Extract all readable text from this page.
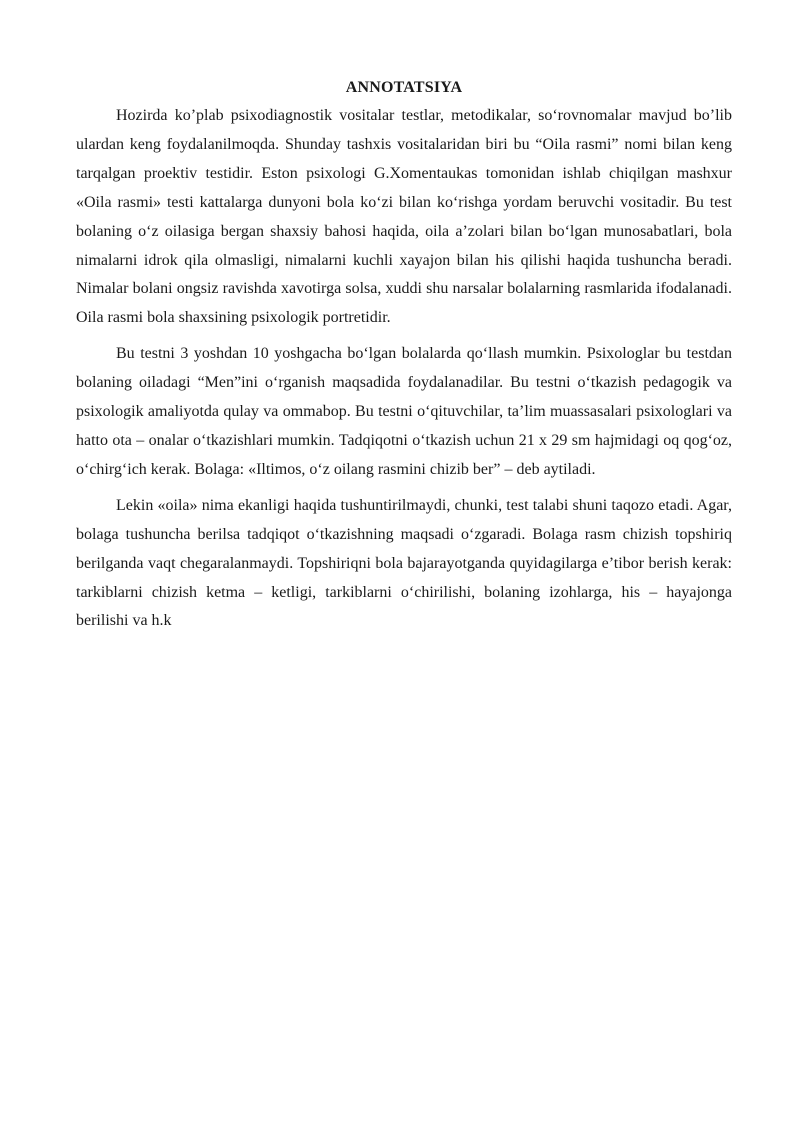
ANNOTATSIYA

Hozirda ko’plab psixodiagnostik vositalar testlar, metodikalar, so‘rovnomalar mavjud bo’lib ulardan keng foydalanilmoqda. Shunday tashxis vositalaridan biri bu “Oila rasmi” nomi bilan keng tarqalgan proektiv testidir. Eston psixologi G.Xomentaukas tomonidan ishlab chiqilgan mashxur «Oila rasmi» testi kattalarga dunyoni bola ko‘zi bilan ko‘rishga yordam beruvchi vositadir. Bu test bolaning o‘z oilasiga bergan shaxsiy bahosi haqida, oila a’zolari bilan bo‘lgan munosabatlari, bola nimalarni idrok qila olmasligi, nimalarni kuchli xayajon bilan his qilishi haqida tushuncha beradi. Nimalar bolani ongsiz ravishda xavotirga solsa, xuddi shu narsalar bolalarning rasmlarida ifodalanadi. Oila rasmi bola shaxsining psixologik portretidir.

Bu testni 3 yoshdan 10 yoshgacha bo‘lgan bolalarda qo‘llash mumkin. Psixologlar bu testdan bolaning oiladagi “Men”ini o‘rganish maqsadida foydalanadilar. Bu testni o‘tkazish pedagogik va psixologik amaliyotda qulay va ommabop. Bu testni o‘qituvchilar, ta’lim muassasalari psixologlari va hatto ota – onalar o‘tkazishlari mumkin. Tadqiqotni o‘tkazish uchun 21 x 29 sm hajmidagi oq qog‘oz, o‘chirg‘ich kerak. Bolaga: «Iltimos, o‘z oilang rasmini chizib ber” – deb aytiladi.

Lekin «oila» nima ekanligi haqida tushuntirilmaydi, chunki, test talabi shuni taqozo etadi. Agar, bolaga tushuncha berilsa tadqiqot o‘tkazishning maqsadi o‘zgaradi. Bolaga rasm chizish topshiriq berilganda vaqt chegaralanmaydi. Topshiriqni bola bajarayotganda quyidagilarga e’tibor berish kerak: tarkiblarni chizish ketma – ketligi, tarkiblarni o‘chirilishi, bolaning izohlarga, his – hayajonga berilishi va h.k
